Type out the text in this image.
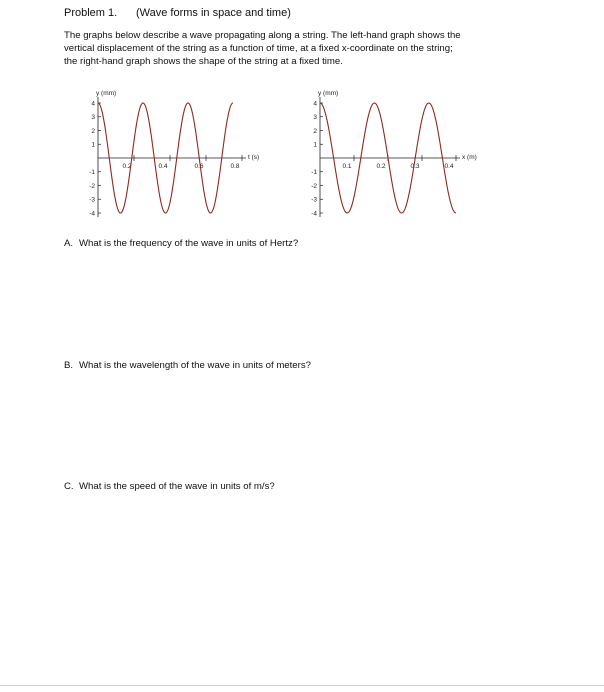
Problem 1. (Wave forms in space and time)
The graphs below describe a wave propagating along a string. The left-hand graph shows the
vertical displacement of the string as a function of time, at a fixed x-coordinate on the string;
the right-hand graph shows the shape of the string at a fixed time.
4
3
2
1
-1
-2
-3
-4
0.2	0.4	0.6	0.8
y (mm)
t (s)
4
3
2
1
-1
-2
-3
-4
0.1	0.2	0.3	0.4
y (mm)
x (m)
A. What is the frequency of the wave in units of Hertz?
B. What is the wavelength of the wave in units of meters?
C. What is the speed of the wave in units of m/s?
